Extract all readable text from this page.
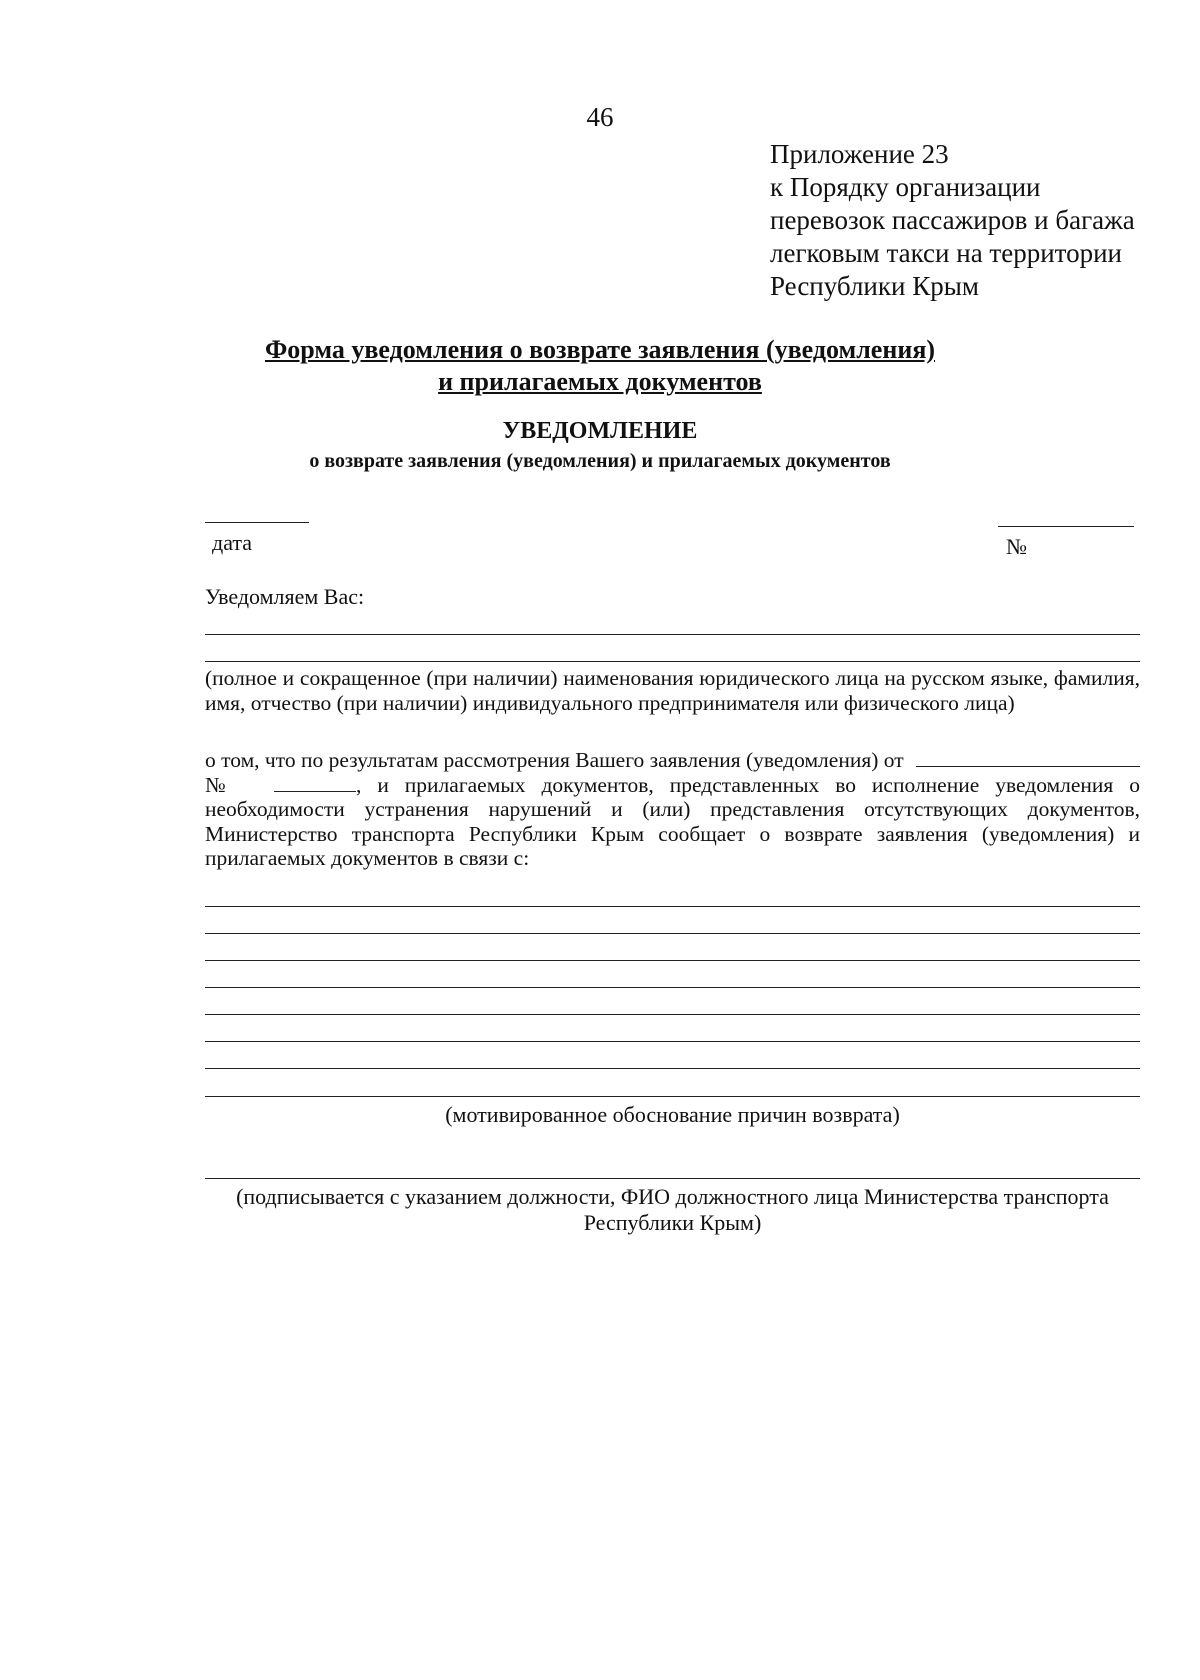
46
Приложение 23
к Порядку организации
перевозок пассажиров и багажа
легковым такси на территории
Республики Крым
Форма уведомления о возврате заявления (уведомления)
и прилагаемых документов
УВЕДОМЛЕНИЕ
о возврате заявления (уведомления) и прилагаемых документов
дата	№
Уведомляем Вас:
(полное и сокращенное (при наличии) наименования юридического лица на русском языке, фамилия, имя, отчество (при наличии) индивидуального предпринимателя или физического лица)
о том, что по результатам рассмотрения Вашего заявления (уведомления) от
№	, и прилагаемых документов, представленных во исполнение уведомления о необходимости устранения нарушений и (или) представления отсутствующих документов, Министерство транспорта Республики Крым сообщает о возврате заявления (уведомления) и прилагаемых документов в связи с:
(мотивированное обоснование причин возврата)
(подписывается с указанием должности, ФИО должностного лица Министерства транспорта Республики Крым)
